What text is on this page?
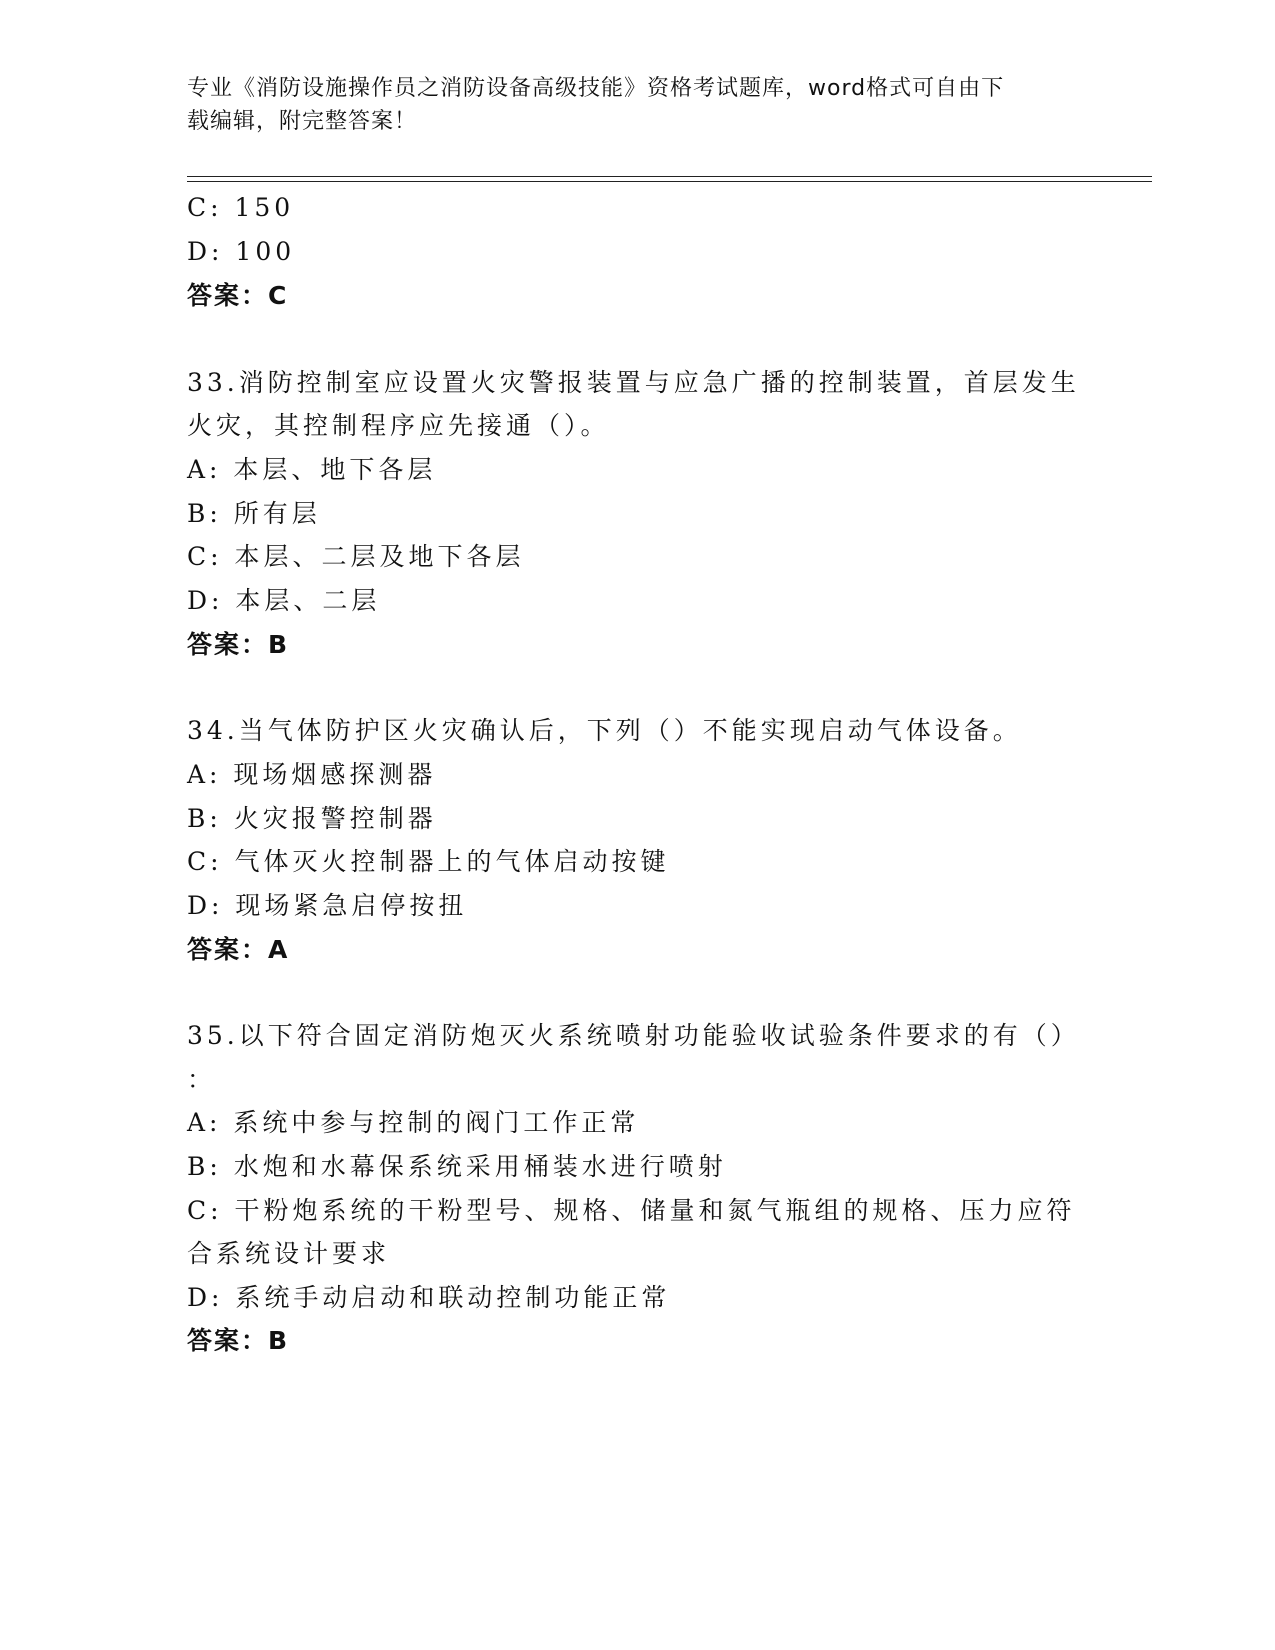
专业《消防设施操作员之消防设备高级技能》资格考试题库，word格式可自由下
载编辑，附完整答案！
C: 150
D: 100
答案：C
33.消防控制室应设置火灾警报装置与应急广播的控制装置，首层发生
火灾，其控制程序应先接通（）。
A: 本层、地下各层
B: 所有层
C: 本层、二层及地下各层
D: 本层、二层
答案：B
34.当气体防护区火灾确认后，下列（）不能实现启动气体设备。
A: 现场烟感探测器
B: 火灾报警控制器
C: 气体灭火控制器上的气体启动按键
D: 现场紧急启停按扭
答案：A
35.以下符合固定消防炮灭火系统喷射功能验收试验条件要求的有（）
：
A: 系统中参与控制的阀门工作正常
B: 水炮和水幕保系统采用桶装水进行喷射
C: 干粉炮系统的干粉型号、规格、储量和氮气瓶组的规格、压力应符
合系统设计要求
D: 系统手动启动和联动控制功能正常
答案：B
